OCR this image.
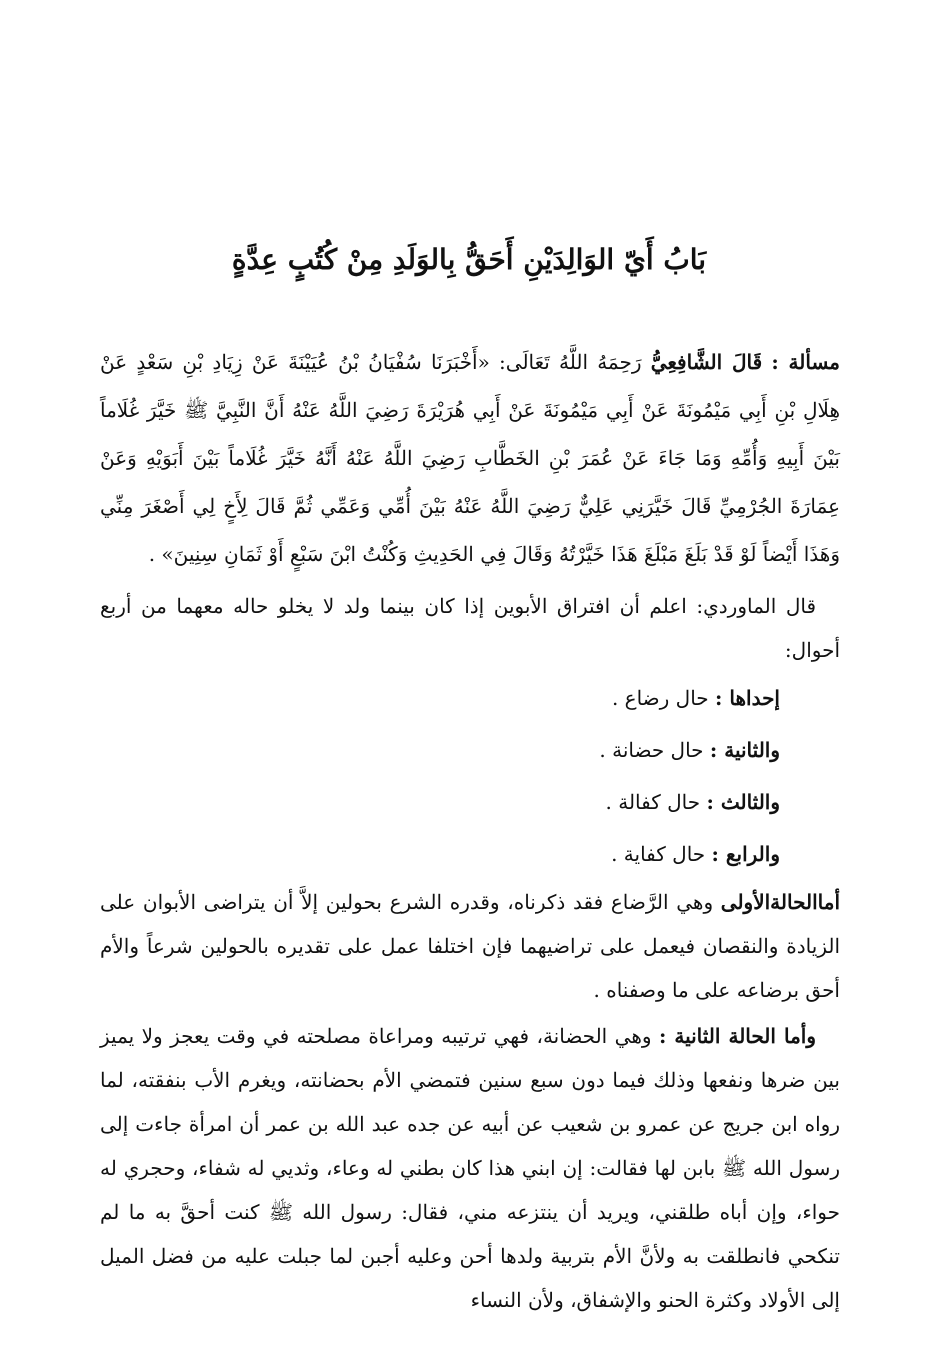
بَابُ أَيّ الوَالِدَيْنِ أَحَقُّ بِالوَلَدِ مِنْ كُتُبٍ عِدَّةٍ

مسألة : قَالَ الشَّافِعِيُّ رَحِمَهُ اللَّهُ تَعَالَى: «أَخْبَرَنَا سُفْيَانُ بْنُ عُيَيْنَةَ عَنْ زِيَادِ بْنِ سَعْدٍ عَنْ هِلَالِ بْنِ أَبِي مَيْمُونَةَ عَنْ أَبِي مَيْمُونَةَ عَنْ أَبِي هُرَيْرَةَ رَضِيَ اللَّهُ عَنْهُ أَنَّ النَّبِيَّ ﷺ خَيَّرَ غُلَاماً بَيْنَ أَبِيهِ وَأُمِّهِ وَمَا جَاءَ عَنْ عُمَرَ بْنِ الخَطَّابِ رَضِيَ اللَّهُ عَنْهُ أَنَّهُ خَيَّرَ غُلَاماً بَيْنَ أَبَوَيْهِ وَعَنْ عِمَارَةَ الجُرْمِيِّ قَالَ خَيَّرَنِي عَلِيٌّ رَضِيَ اللَّهُ عَنْهُ بَيْنَ أُمِّي وَعَمِّي ثُمَّ قَالَ لِأَخٍ لِي أَصْغَرَ مِنِّي وَهَذَا أَيْضاً لَوْ قَدْ بَلَغَ مَبْلَغَ هَذَا خَيَّرْتُهُ وَقَالَ فِي الحَدِيثِ وَكُنْتُ ابْنَ سَبْعٍ أَوْ ثَمَانِ سِنِينَ» .

قال الماوردي: اعلم أن افتراق الأبوين إذا كان بينما ولد لا يخلو حاله معهما من أربع أحوال:

إحداها : حال رضاع .
والثانية : حال حضانة .
والثالث : حال كفالة .
والرابع : حال كفاية .

أماالحالةالأولى وهي الرَّضاع فقد ذكرناه، وقدره الشرع بحولين إلاَّ أن يتراضى الأبوان على الزيادة والنقصان فيعمل على تراضيهما فإن اختلفا عمل على تقديره بالحولين شرعاً والأم أحق برضاعه على ما وصفناه .

وأما الحالة الثانية : وهي الحضانة، فهي ترتيبه ومراعاة مصلحته في وقت يعجز ولا يميز بين ضرها ونفعها وذلك فيما دون سبع سنين فتمضي الأم بحضانته، ويغرم الأب بنفقته، لما رواه ابن جريج عن عمرو بن شعيب عن أبيه عن جده عبد الله بن عمر أن امرأة جاءت إلى رسول الله ﷺ بابن لها فقالت: إن ابني هذا كان بطني له وعاء، وثديي له شفاء، وحجري له حواء، وإن أباه طلقني، ويريد أن ينتزعه مني، فقال: رسول الله ﷺ كنت أحقَّ به ما لم تنكحي فانطلقت به ولأنَّ الأم بتربية ولدها أحن وعليه أجبن لما جبلت عليه من فضل الميل إلى الأولاد وكثرة الحنو والإشفاق، ولأن النساء
